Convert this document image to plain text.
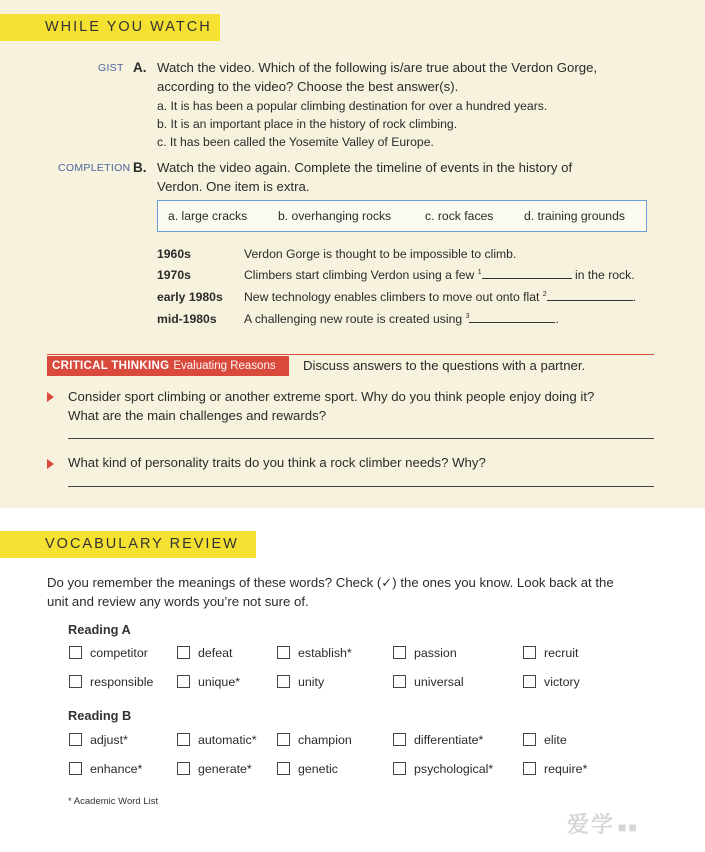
WHILE YOU WATCH
GIST A. Watch the video. Which of the following is/are true about the Verdon Gorge,
according to the video? Choose the best answer(s).
a. It is has been a popular climbing destination for over a hundred years.
b. It is an important place in the history of rock climbing.
c. It has been called the Yosemite Valley of Europe.
COMPLETION B. Watch the video again. Complete the timeline of events in the history of
Verdon. One item is extra.
a. large cracks	b. overhanging rocks	c. rock faces	d. training grounds
1960s	Verdon Gorge is thought to be impossible to climb.
1970s	Climbers start climbing Verdon using a few $^1$	in the rock.
early 1980s New technology enables climbers to move out onto flat $^2$	.
mid-1980s A challenging new route is created using $^3$	.
CRITICAL THINKING Evaluating Reasons	Discuss answers to the questions with a partner.
Consider sport climbing or another extreme sport. Why do you think people enjoy doing it?
What are the main challenges and rewards?
What kind of personality traits do you think a rock climber needs? Why?
VOCABULARY REVIEW
Do you remember the meanings of these words? Check (✓) the ones you know. Look back at the
unit and review any words you’re not sure of.
Reading A
Reading B
competitor	defeat	establish*	passion	recruit
responsible	unique*	unity	universal	victory
adjust*	automatic*	champion	differentiate*	elite
enhance*	generate*	genetic	psychological*	require*
* Academic Word List
爱学 ■■
